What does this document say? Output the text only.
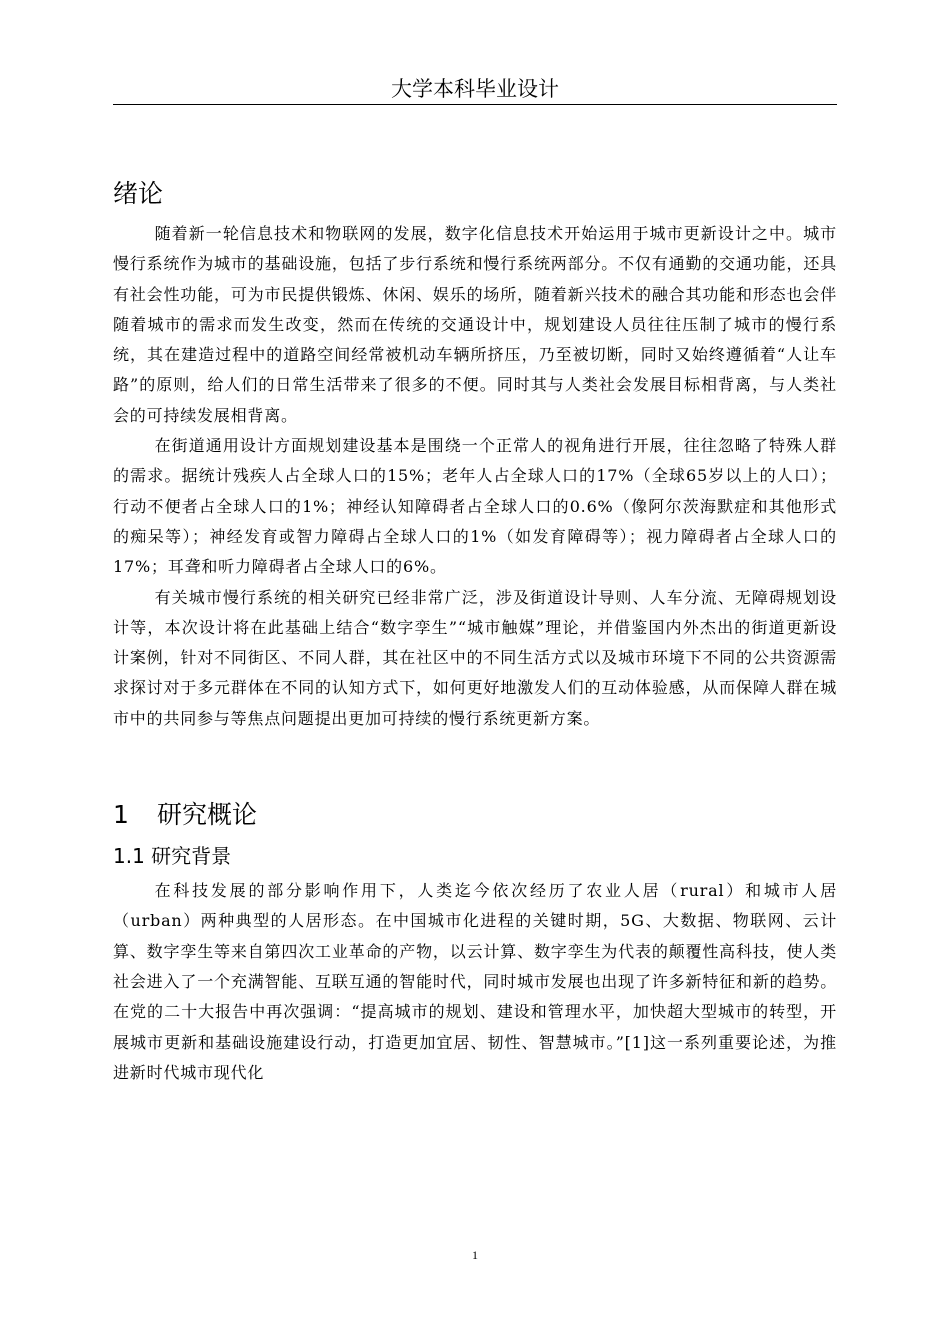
大学本科毕业设计
绪论

随着新一轮信息技术和物联网的发展，数字化信息技术开始运用于城市更新设计之中。城市慢行系统作为城市的基础设施，包括了步行系统和慢行系统两部分。不仅有通勤的交通功能，还具有社会性功能，可为市民提供锻炼、休闲、娱乐的场所，随着新兴技术的融合其功能和形态也会伴随着城市的需求而发生改变，然而在传统的交通设计中，规划建设人员往往压制了城市的慢行系统，其在建造过程中的道路空间经常被机动车辆所挤压，乃至被切断，同时又始终遵循着“人让车路”的原则，给人们的日常生活带来了很多的不便。同时其与人类社会发展目标相背离，与人类社会的可持续发展相背离。

在街道通用设计方面规划建设基本是围绕一个正常人的视角进行开展，往往忽略了特殊人群的需求。据统计残疾人占全球人口的15%；老年人占全球人口的17%（全球65岁以上的人口）；行动不便者占全球人口的1%；神经认知障碍者占全球人口的0.6%（像阿尔茨海默症和其他形式的痴呆等）；神经发育或智力障碍占全球人口的1%（如发育障碍等）；视力障碍者占全球人口的17%；耳聋和听力障碍者占全球人口的6%。

有关城市慢行系统的相关研究已经非常广泛，涉及街道设计导则、人车分流、无障碍规划设计等，本次设计将在此基础上结合“数字孪生”“城市触媒”理论，并借鉴国内外杰出的街道更新设计案例，针对不同街区、不同人群，其在社区中的不同生活方式以及城市环境下不同的公共资源需求探讨对于多元群体在不同的认知方式下，如何更好地激发人们的互动体验感，从而保障人群在城市中的共同参与等焦点问题提出更加可持续的慢行系统更新方案。

1 研究概论
1.1 研究背景

在科技发展的部分影响作用下，人类迄今依次经历了农业人居（rural）和城市人居（urban）两种典型的人居形态。在中国城市化进程的关键时期，5G、大数据、物联网、云计算、数字孪生等来自第四次工业革命的产物，以云计算、数字孪生为代表的颠覆性高科技，使人类社会进入了一个充满智能、互联互通的智能时代，同时城市发展也出现了许多新特征和新的趋势。在党的二十大报告中再次强调：“提高城市的规划、建设和管理水平，加快超大型城市的转型，开展城市更新和基础设施建设行动，打造更加宜居、韧性、智慧城市。”[1]这一系列重要论述，为推进新时代城市现代化

1
